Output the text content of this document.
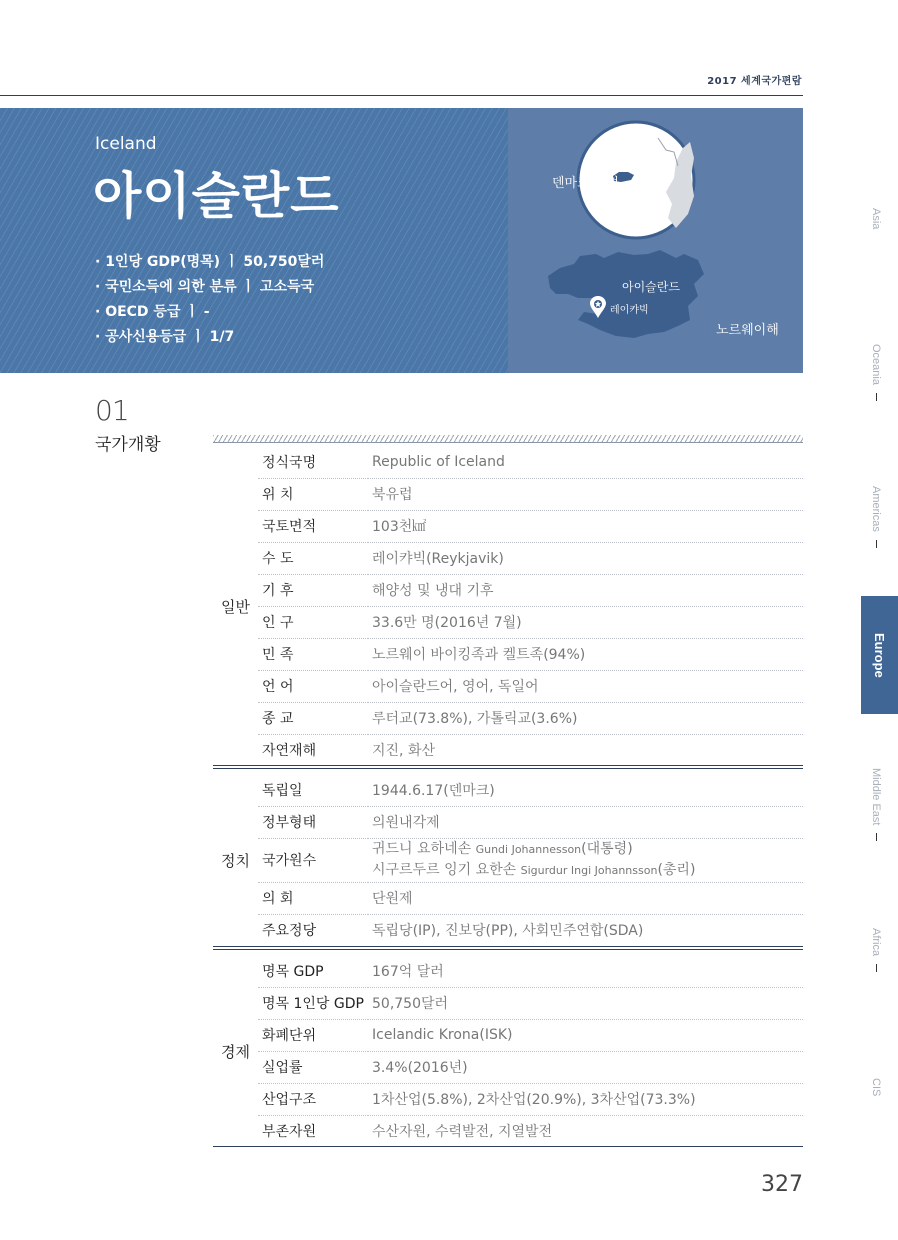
2017 세계국가편람
Iceland
아이슬란드
· 1인당 GDP(명목) ㅣ 50,750달러
· 국민소득에 의한 분류 ㅣ 고소득국
· OECD 등급 ㅣ -
· 공사신용등급 ㅣ 1/7
덴마크 해협
아이슬란드
레이캬빅
노르웨이해
01
국가개황
일반	정식국명	Republic of Iceland
	위 치	북유럽
	국토면적	103천㎢
	수 도	레이캬빅(Reykjavik)
	기 후	해양성 및 냉대 기후
	인 구	33.6만 명(2016년 7월)
	민 족	노르웨이 바이킹족과 켈트족(94%)
	언 어	아이슬란드어, 영어, 독일어
	종 교	루터교(73.8%), 가톨릭교(3.6%)
	자연재해	지진, 화산
정치	독립일	1944.6.17(덴마크)
	정부형태	의원내각제
	국가원수	귀드니 요하네손 Gundi Johannesson(대통령)
시구르두르 잉기 요한손 Sigurdur Ingi Johannsson(총리)

	의 회	단원제
	주요정당	독립당(IP), 진보당(PP), 사회민주연합(SDA)
경제	명목 GDP	167억 달러
	명목 1인당 GDP	50,750달러
	화폐단위	Icelandic Krona(ISK)
	실업률	3.4%(2016년)
	산업구조	1차산업(5.8%), 2차산업(20.9%), 3차산업(73.3%)
	부존자원	수산자원, 수력발전, 지열발전
327
Asia
Oceania
Americas
Europe
Middle East
Africa
CIS
